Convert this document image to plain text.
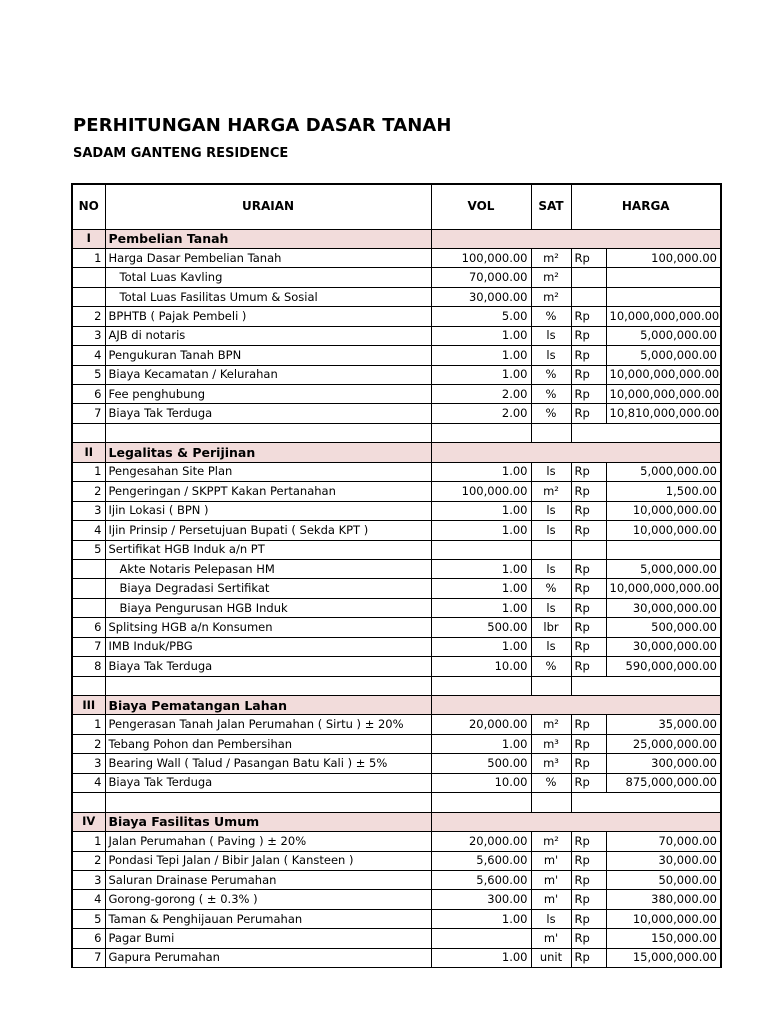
PERHITUNGAN HARGA DASAR TANAH
SADAM GANTENG RESIDENCE
NO	URAIAN	VOL	SAT	HARGA	
I	Pembelian Tanah				
1	Harga Dasar Pembelian Tanah	100,000.00	m²	Rp	100,000.00
	Total Luas Kavling	70,000.00	m²		
	Total Luas Fasilitas Umum & Sosial	30,000.00	m²		
2	BPHTB ( Pajak Pembeli )	5.00	%	Rp	10,000,000,000.00
3	AJB di notaris	1.00	ls	Rp	5,000,000.00
4	Pengukuran Tanah BPN	1.00	ls	Rp	5,000,000.00
5	Biaya Kecamatan / Kelurahan	1.00	%	Rp	10,000,000,000.00
6	Fee penghubung	2.00	%	Rp	10,000,000,000.00
7	Biaya Tak Terduga	2.00	%	Rp	10,810,000,000.00

II	Legalitas & Perijinan				
1	Pengesahan Site Plan	1.00	ls	Rp	5,000,000.00
2	Pengeringan / SKPPT Kakan Pertanahan	100,000.00	m²	Rp	1,500.00
3	Ijin Lokasi ( BPN )	1.00	ls	Rp	10,000,000.00
4	Ijin Prinsip / Persetujuan Bupati ( Sekda KPT )	1.00	ls	Rp	10,000,000.00
5	Sertifikat HGB Induk a/n PT				
	Akte Notaris Pelepasan HM	1.00	ls	Rp	5,000,000.00
	Biaya Degradasi Sertifikat	1.00	%	Rp	10,000,000,000.00
	Biaya Pengurusan HGB Induk	1.00	ls	Rp	30,000,000.00
6	Splitsing HGB a/n Konsumen	500.00	lbr	Rp	500,000.00
7	IMB Induk/PBG	1.00	ls	Rp	30,000,000.00
8	Biaya Tak Terduga	10.00	%	Rp	590,000,000.00

III	Biaya Pematangan Lahan				
1	Pengerasan Tanah Jalan Perumahan ( Sirtu ) ± 20%	20,000.00	m²	Rp	35,000.00
2	Tebang Pohon dan Pembersihan	1.00	m³	Rp	25,000,000.00
3	Bearing Wall ( Talud / Pasangan Batu Kali ) ± 5%	500.00	m³	Rp	300,000.00
4	Biaya Tak Terduga	10.00	%	Rp	875,000,000.00

IV	Biaya Fasilitas Umum				
1	Jalan Perumahan ( Paving ) ± 20%	20,000.00	m²	Rp	70,000.00
2	Pondasi Tepi Jalan / Bibir Jalan ( Kansteen )	5,600.00	m'	Rp	30,000.00
3	Saluran Drainase Perumahan	5,600.00	m'	Rp	50,000.00
4	Gorong-gorong ( ± 0.3% )	300.00	m'	Rp	380,000.00
5	Taman & Penghijauan Perumahan	1.00	ls	Rp	10,000,000.00
6	Pagar Bumi		m'	Rp	150,000.00
7	Gapura Perumahan	1.00	unit	Rp	15,000,000.00
